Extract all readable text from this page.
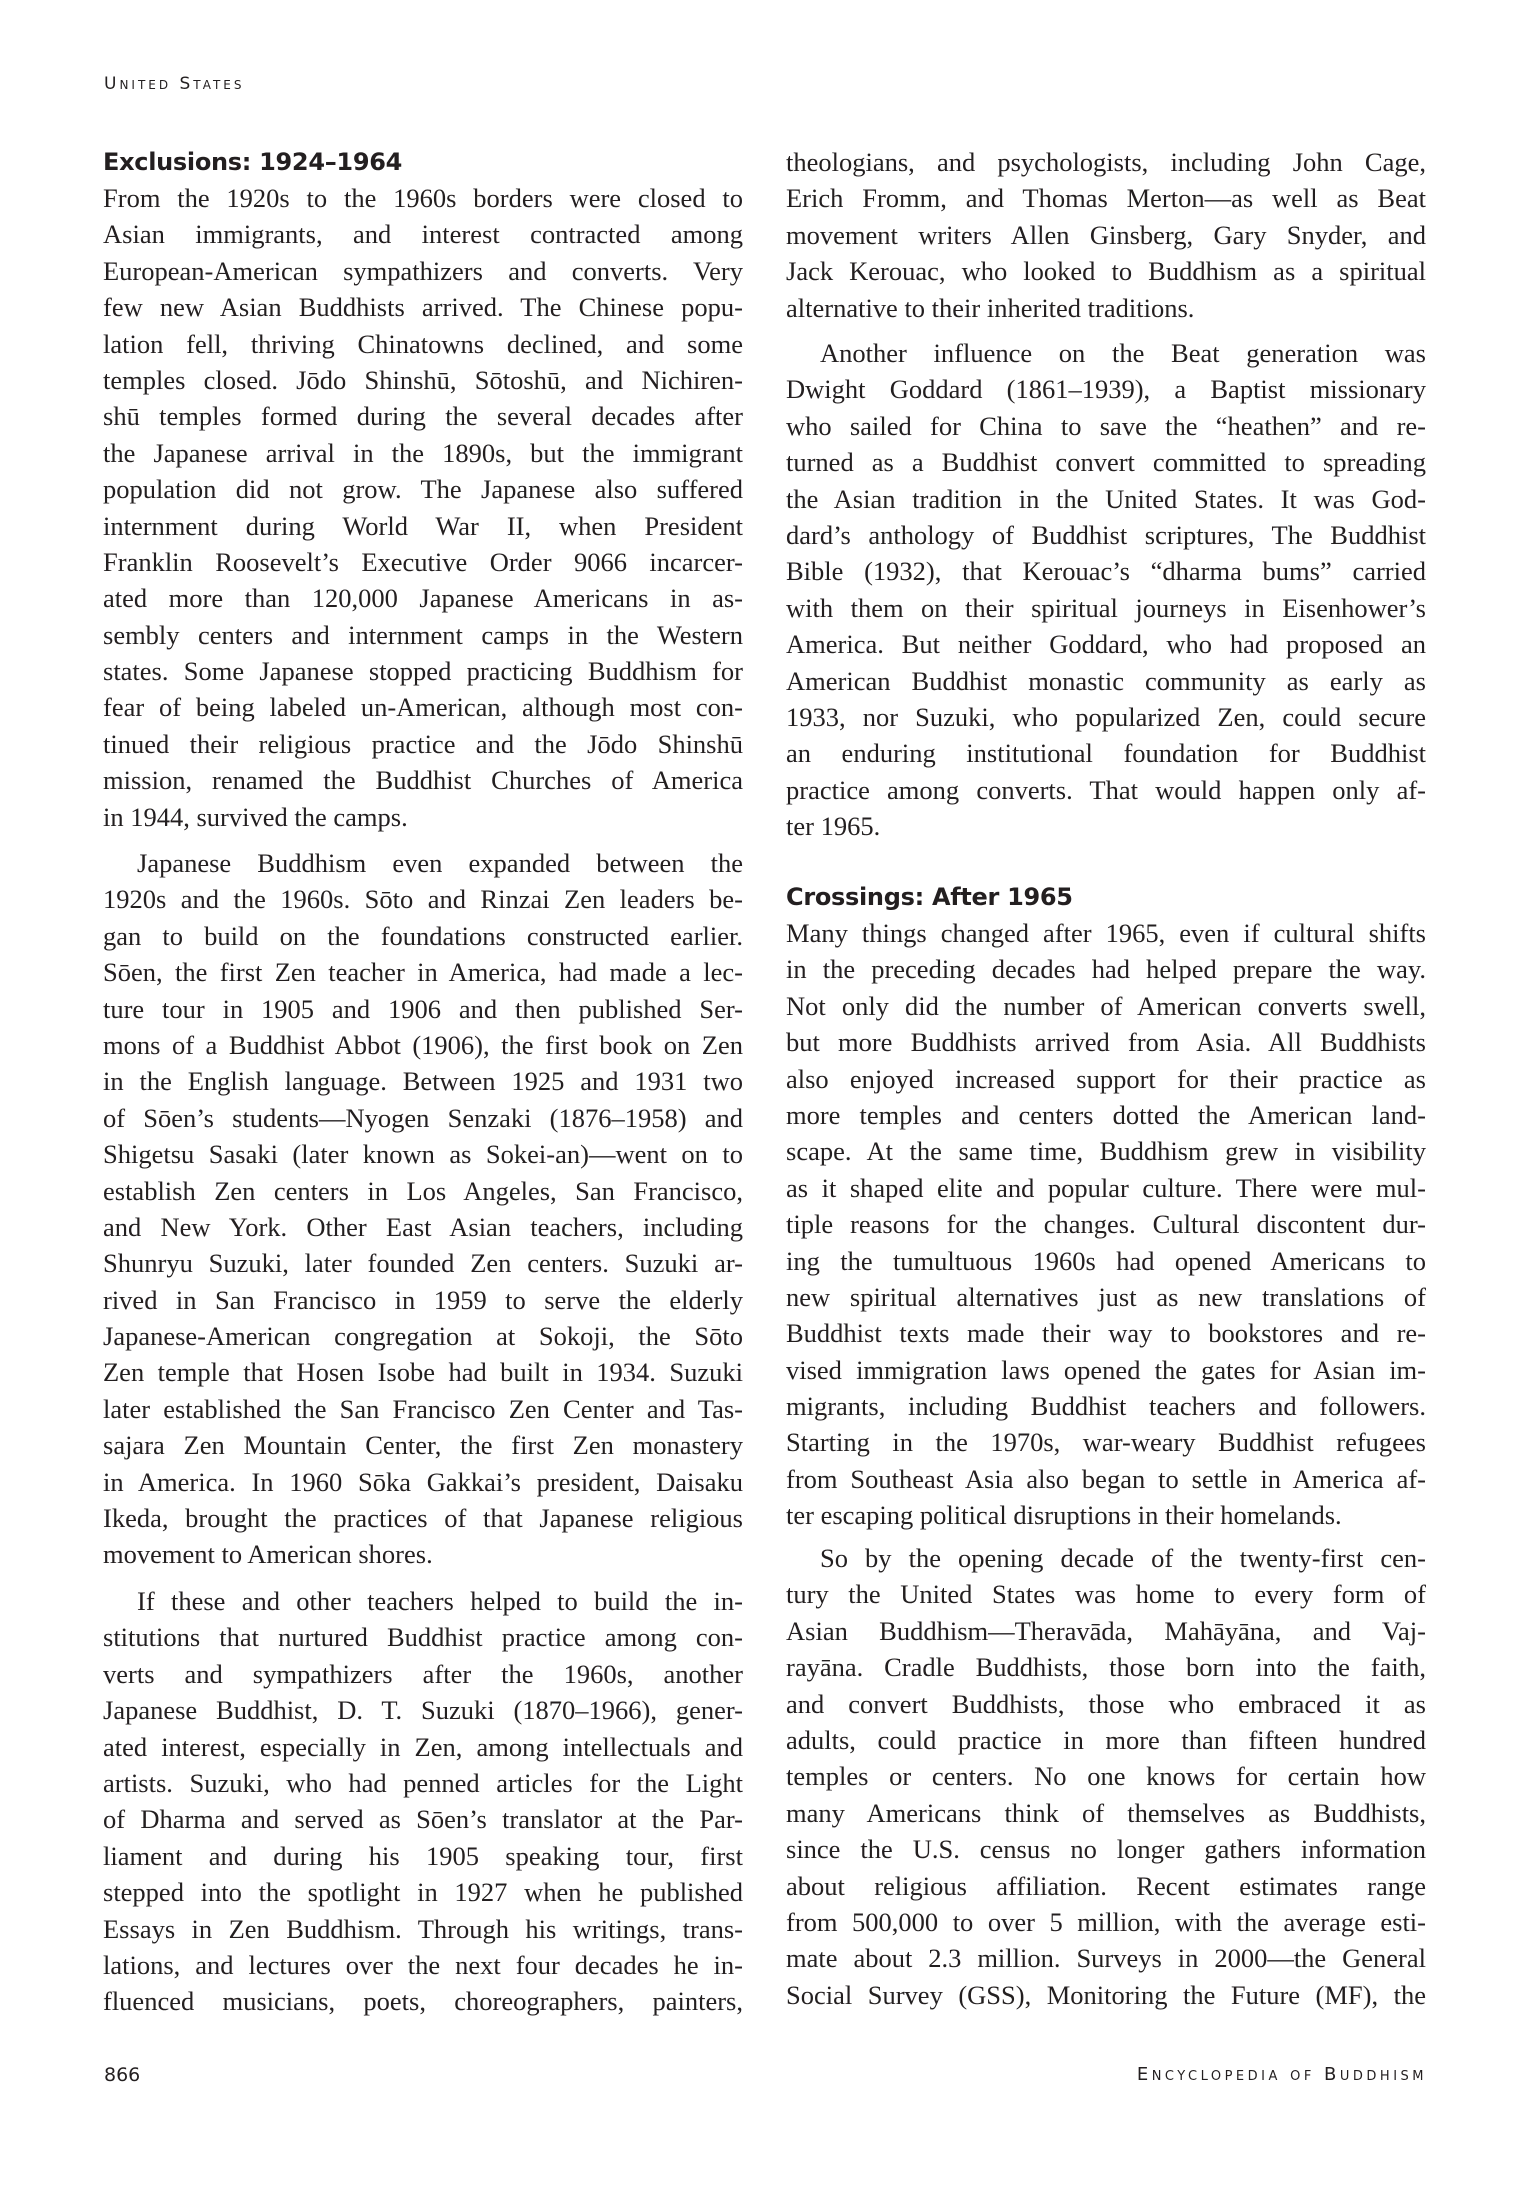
United States
Exclusions: 1924–1964
From the 1920s to the 1960s borders were closed to
Asian immigrants, and interest contracted among
European-American sympathizers and converts. Very
few new Asian Buddhists arrived. The Chinese popu-
lation fell, thriving Chinatowns declined, and some
temples closed. Jōdo Shinshū, Sōtoshū, and Nichiren-
shū temples formed during the several decades after
the Japanese arrival in the 1890s, but the immigrant
population did not grow. The Japanese also suffered
internment during World War II, when President
Franklin Roosevelt’s Executive Order 9066 incarcer-
ated more than 120,000 Japanese Americans in as-
sembly centers and internment camps in the Western
states. Some Japanese stopped practicing Buddhism for
fear of being labeled un-American, although most con-
tinued their religious practice and the Jōdo Shinshū
mission, renamed the Buddhist Churches of America
in 1944, survived the camps.
Japanese Buddhism even expanded between the
1920s and the 1960s. Sōto and Rinzai Zen leaders be-
gan to build on the foundations constructed earlier.
Sōen, the first Zen teacher in America, had made a lec-
ture tour in 1905 and 1906 and then published Ser-
mons of a Buddhist Abbot (1906), the first book on Zen
in the English language. Between 1925 and 1931 two
of Sōen’s students—Nyogen Senzaki (1876–1958) and
Shigetsu Sasaki (later known as Sokei-an)—went on to
establish Zen centers in Los Angeles, San Francisco,
and New York. Other East Asian teachers, including
Shunryu Suzuki, later founded Zen centers. Suzuki ar-
rived in San Francisco in 1959 to serve the elderly
Japanese-American congregation at Sokoji, the Sōto
Zen temple that Hosen Isobe had built in 1934. Suzuki
later established the San Francisco Zen Center and Tas-
sajara Zen Mountain Center, the first Zen monastery
in America. In 1960 Sōka Gakkai’s president, Daisaku
Ikeda, brought the practices of that Japanese religious
movement to American shores.
If these and other teachers helped to build the in-
stitutions that nurtured Buddhist practice among con-
verts and sympathizers after the 1960s, another
Japanese Buddhist, D. T. Suzuki (1870–1966), gener-
ated interest, especially in Zen, among intellectuals and
artists. Suzuki, who had penned articles for the Light
of Dharma and served as Sōen’s translator at the Par-
liament and during his 1905 speaking tour, first
stepped into the spotlight in 1927 when he published
Essays in Zen Buddhism. Through his writings, trans-
lations, and lectures over the next four decades he in-
fluenced musicians, poets, choreographers, painters,
theologians, and psychologists, including John Cage,
Erich Fromm, and Thomas Merton—as well as Beat
movement writers Allen Ginsberg, Gary Snyder, and
Jack Kerouac, who looked to Buddhism as a spiritual
alternative to their inherited traditions.
Another influence on the Beat generation was
Dwight Goddard (1861–1939), a Baptist missionary
who sailed for China to save the “heathen” and re-
turned as a Buddhist convert committed to spreading
the Asian tradition in the United States. It was God-
dard’s anthology of Buddhist scriptures, The Buddhist
Bible (1932), that Kerouac’s “dharma bums” carried
with them on their spiritual journeys in Eisenhower’s
America. But neither Goddard, who had proposed an
American Buddhist monastic community as early as
1933, nor Suzuki, who popularized Zen, could secure
an enduring institutional foundation for Buddhist
practice among converts. That would happen only af-
ter 1965.
Crossings: After 1965
Many things changed after 1965, even if cultural shifts
in the preceding decades had helped prepare the way.
Not only did the number of American converts swell,
but more Buddhists arrived from Asia. All Buddhists
also enjoyed increased support for their practice as
more temples and centers dotted the American land-
scape. At the same time, Buddhism grew in visibility
as it shaped elite and popular culture. There were mul-
tiple reasons for the changes. Cultural discontent dur-
ing the tumultuous 1960s had opened Americans to
new spiritual alternatives just as new translations of
Buddhist texts made their way to bookstores and re-
vised immigration laws opened the gates for Asian im-
migrants, including Buddhist teachers and followers.
Starting in the 1970s, war-weary Buddhist refugees
from Southeast Asia also began to settle in America af-
ter escaping political disruptions in their homelands.
So by the opening decade of the twenty-first cen-
tury the United States was home to every form of
Asian Buddhism—Theravāda, Mahāyāna, and Vaj-
rayāna. Cradle Buddhists, those born into the faith,
and convert Buddhists, those who embraced it as
adults, could practice in more than fifteen hundred
temples or centers. No one knows for certain how
many Americans think of themselves as Buddhists,
since the U.S. census no longer gathers information
about religious affiliation. Recent estimates range
from 500,000 to over 5 million, with the average esti-
mate about 2.3 million. Surveys in 2000—the General
Social Survey (GSS), Monitoring the Future (MF), the
866	Encyclopedia of Buddhism
